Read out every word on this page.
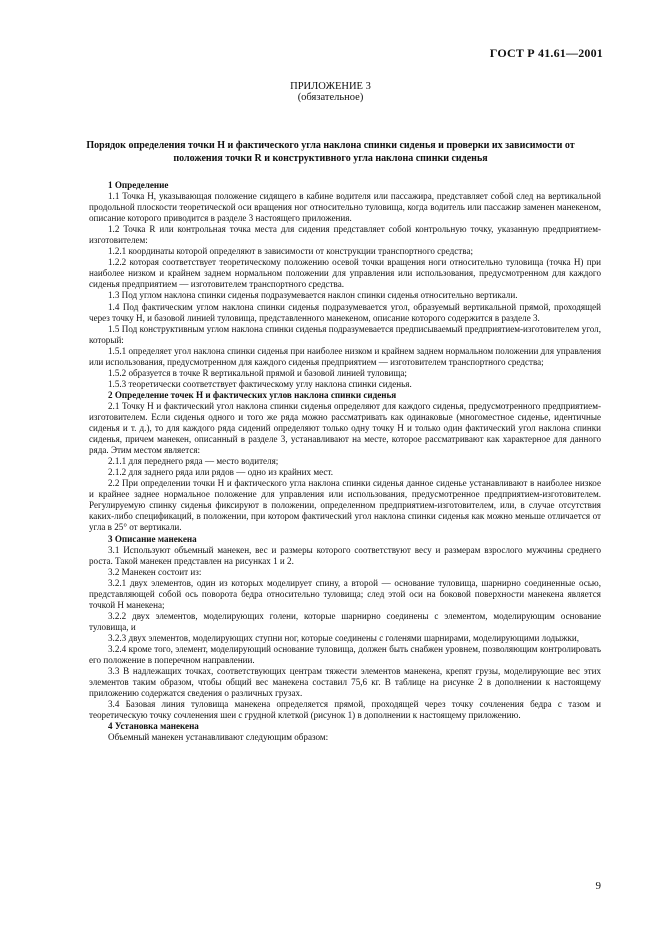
ГОСТ Р 41.61—2001
ПРИЛОЖЕНИЕ 3
(обязательное)
Порядок определения точки H и фактического угла наклона спинки сиденья и проверки их зависимости от положения точки R и конструктивного угла наклона спинки сиденья

1 Определение

1.1 Точка H, указывающая положение сидящего в кабине водителя или пассажира, представляет собой след на вертикальной продольной плоскости теоретической оси вращения ног относительно туловища, когда водитель или пассажир заменен манекеном, описание которого приводится в разделе 3 настоящего приложения.

1.2 Точка R или контрольная точка места для сидения представляет собой контрольную точку, указанную предприятием-изготовителем:

1.2.1 координаты которой определяют в зависимости от конструкции транспортного средства;

1.2.2 которая соответствует теоретическому положению осевой точки вращения ноги относительно туловища (точка H) при наиболее низком и крайнем заднем нормальном положении для управления или использования, предусмотренном для каждого сиденья предприятием — изготовителем транспортного средства.

1.3 Под углом наклона спинки сиденья подразумевается наклон спинки сиденья относительно вертикали.

1.4 Под фактическим углом наклона спинки сиденья подразумевается угол, образуемый вертикальной прямой, проходящей через точку H, и базовой линией туловища, представленного манекеном, описание которого содержится в разделе 3.

1.5 Под конструктивным углом наклона спинки сиденья подразумевается предписываемый предприятием-изготовителем угол, который:

1.5.1 определяет угол наклона спинки сиденья при наиболее низком и крайнем заднем нормальном положении для управления или использования, предусмотренном для каждого сиденья предприятием — изготовителем транспортного средства;

1.5.2 образуется в точке R вертикальной прямой и базовой линией туловища;

1.5.3 теоретически соответствует фактическому углу наклона спинки сиденья.

2 Определение точек H и фактических углов наклона спинки сиденья

2.1 Точку H и фактический угол наклона спинки сиденья определяют для каждого сиденья, предусмотренного предприятием-изготовителем. Если сиденья одного и того же ряда можно рассматривать как одинаковые (многоместное сиденье, идентичные сиденья и т. д.), то для каждого ряда сидений определяют только одну точку H и только один фактический угол наклона спинки сиденья, причем манекен, описанный в разделе 3, устанавливают на месте, которое рассматривают как характерное для данного ряда. Этим местом является:

2.1.1 для переднего ряда — место водителя;

2.1.2 для заднего ряда или рядов — одно из крайних мест.

2.2 При определении точки H и фактического угла наклона спинки сиденья данное сиденье устанавливают в наиболее низкое и крайнее заднее нормальное положение для управления или использования, предусмотренное предприятием-изготовителем. Регулируемую спинку сиденья фиксируют в положении, определенном предприятием-изготовителем, или, в случае отсутствия каких-либо спецификаций, в положении, при котором фактический угол наклона спинки сиденья как можно меньше отличается от угла в 25° от вертикали.

3 Описание манекена

3.1 Используют объемный манекен, вес и размеры которого соответствуют весу и размерам взрослого мужчины среднего роста. Такой манекен представлен на рисунках 1 и 2.

3.2 Манекен состоит из:

3.2.1 двух элементов, один из которых моделирует спину, а второй — основание туловища, шарнирно соединенные осью, представляющей собой ось поворота бедра относительно туловища; след этой оси на боковой поверхности манекена является точкой H манекена;

3.2.2 двух элементов, моделирующих голени, которые шарнирно соединены с элементом, моделирующим основание туловища, и

3.2.3 двух элементов, моделирующих ступни ног, которые соединены с голенями шарнирами, моделирующими лодыжки,

3.2.4 кроме того, элемент, моделирующий основание туловища, должен быть снабжен уровнем, позволяющим контролировать его положение в поперечном направлении.

3.3 В надлежащих точках, соответствующих центрам тяжести элементов манекена, крепят грузы, моделирующие вес этих элементов таким образом, чтобы общий вес манекена составил 75,6 кг. В таблице на рисунке 2 в дополнении к настоящему приложению содержатся сведения о различных грузах.

3.4 Базовая линия туловища манекена определяется прямой, проходящей через точку сочленения бедра с тазом и теоретическую точку сочленения шеи с грудной клеткой (рисунок 1) в дополнении к настоящему приложению.

4 Установка манекена

Объемный манекен устанавливают следующим образом:

9
